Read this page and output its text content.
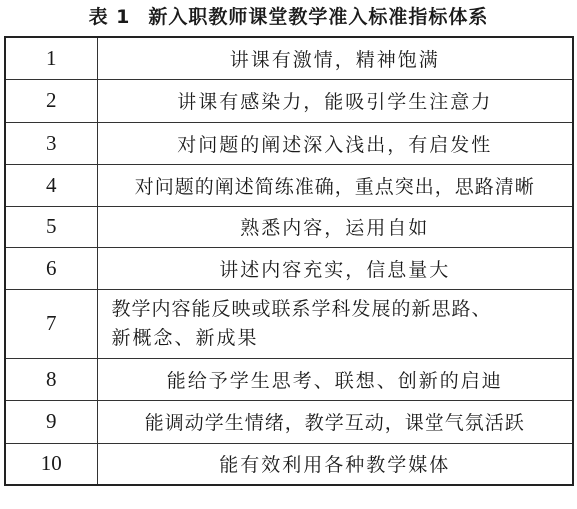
表 1 新入职教师课堂教学准入标准指标体系
1	讲课有激情，精神饱满
2	讲课有感染力，能吸引学生注意力
3	对问题的阐述深入浅出，有启发性
4	对问题的阐述简练准确，重点突出，思路清晰
5	熟悉内容，运用自如
6	讲述内容充实，信息量大
7	教学内容能反映或联系学科发展的新思路、
新概念、新成果

8	能给予学生思考、联想、创新的启迪
9	能调动学生情绪，教学互动，课堂气氛活跃
10	能有效利用各种教学媒体
